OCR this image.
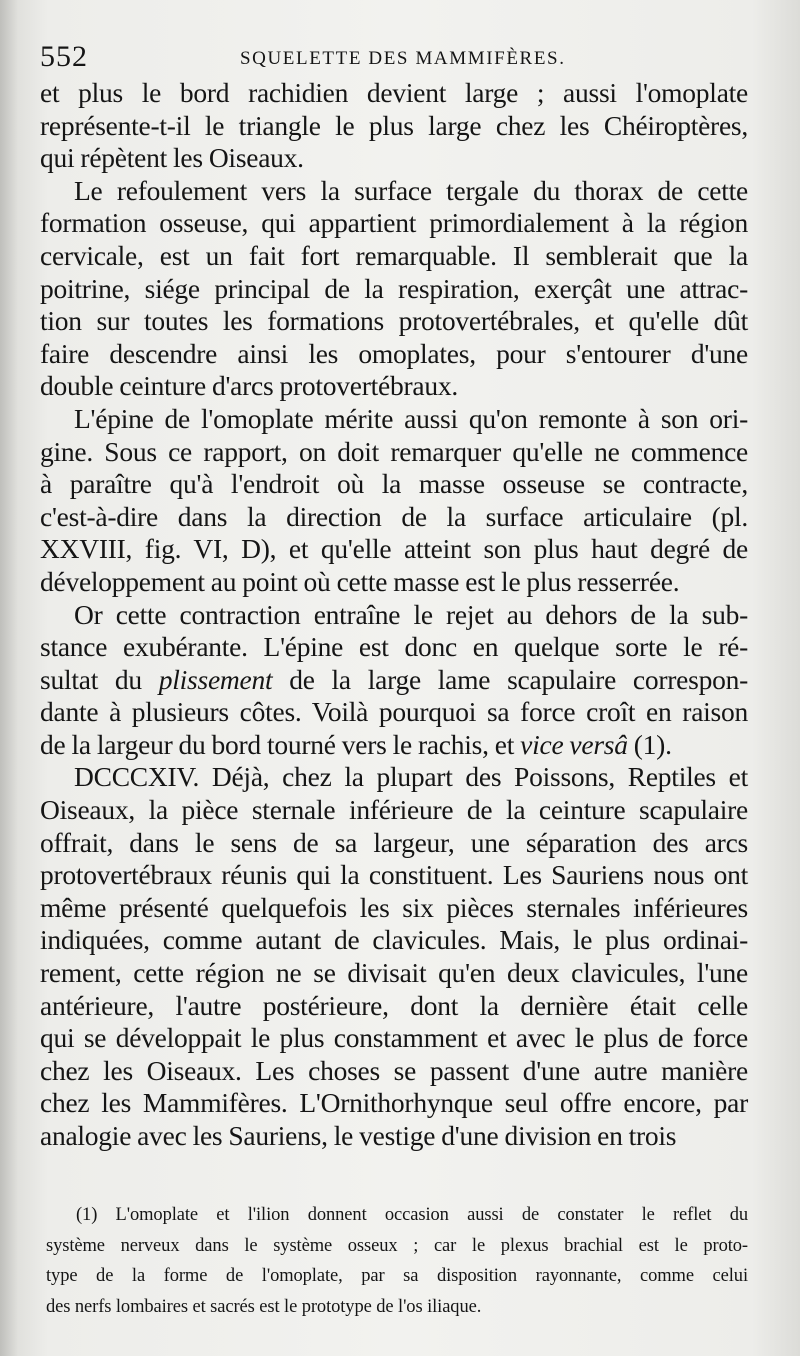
552	SQUELETTE DES MAMMIFÈRES.
et plus le bord rachidien devient large ; aussi l'omoplate
représente-t-il le triangle le plus large chez les Chéiroptères,
qui répètent les Oiseaux.
Le refoulement vers la surface tergale du thorax de cette
formation osseuse, qui appartient primordialement à la région
cervicale, est un fait fort remarquable. Il semblerait que la
poitrine, siége principal de la respiration, exerçât une attrac-
tion sur toutes les formations protovertébrales, et qu'elle dût
faire descendre ainsi les omoplates, pour s'entourer d'une
double ceinture d'arcs protovertébraux.
L'épine de l'omoplate mérite aussi qu'on remonte à son ori-
gine. Sous ce rapport, on doit remarquer qu'elle ne commence
à paraître qu'à l'endroit où la masse osseuse se contracte,
c'est-à-dire dans la direction de la surface articulaire (pl.
XXVIII, fig. VI, D), et qu'elle atteint son plus haut degré de
développement au point où cette masse est le plus resserrée.
Or cette contraction entraîne le rejet au dehors de la sub-
stance exubérante. L'épine est donc en quelque sorte le ré-
sultat du plissement de la large lame scapulaire correspon-
dante à plusieurs côtes. Voilà pourquoi sa force croît en raison
de la largeur du bord tourné vers le rachis, et vice versâ (1).
DCCCXIV. Déjà, chez la plupart des Poissons, Reptiles et
Oiseaux, la pièce sternale inférieure de la ceinture scapulaire
offrait, dans le sens de sa largeur, une séparation des arcs
protovertébraux réunis qui la constituent. Les Sauriens nous ont
même présenté quelquefois les six pièces sternales inférieures
indiquées, comme autant de clavicules. Mais, le plus ordinai-
rement, cette région ne se divisait qu'en deux clavicules, l'une
antérieure, l'autre postérieure, dont la dernière était celle
qui se développait le plus constamment et avec le plus de force
chez les Oiseaux. Les choses se passent d'une autre manière
chez les Mammifères. L'Ornithorhynque seul offre encore, par
analogie avec les Sauriens, le vestige d'une division en trois
(1) L'omoplate et l'ilion donnent occasion aussi de constater le reflet du
système nerveux dans le système osseux ; car le plexus brachial est le proto-
type de la forme de l'omoplate, par sa disposition rayonnante, comme celui
des nerfs lombaires et sacrés est le prototype de l'os iliaque.
